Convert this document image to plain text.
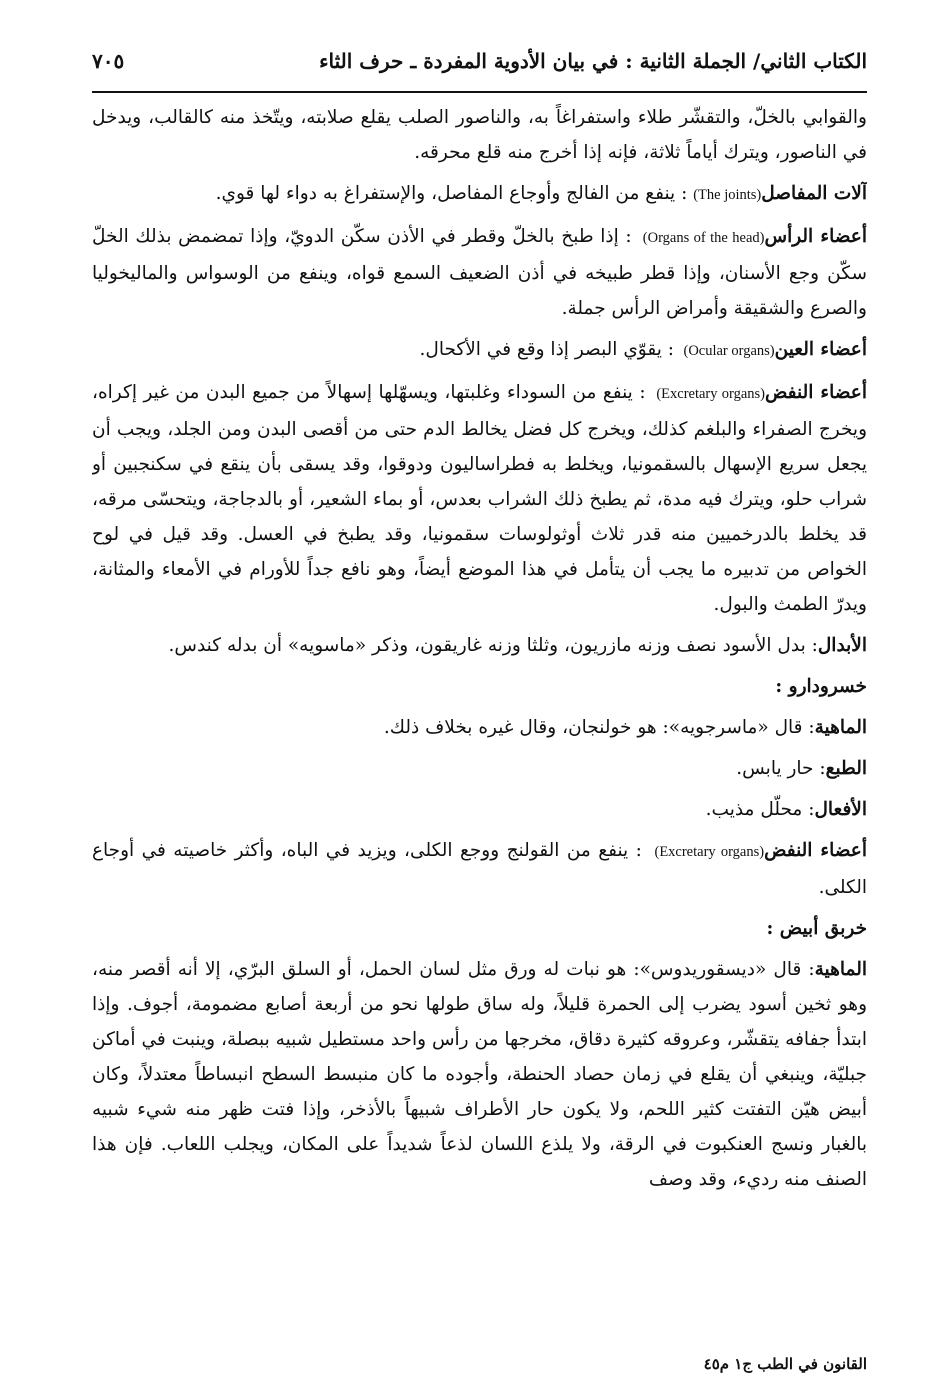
الكتاب الثاني/ الجملة الثانية : في بيان الأدوية المفردة ـ حرف الثاء
٧٠٥

والقوابي بالخلّ، والتقشّر طلاء واستفراغاً به، والناصور الصلب يقلع صلابته، ويتّخذ منه كالقالب، ويدخل في الناصور، ويترك أياماً ثلاثة، فإنه إذا أخرج منه قلع محرقه.

آلات المفاصل(The joints) : ينفع من الفالج وأوجاع المفاصل، والإستفراغ به دواء لها قوي.

أعضاء الرأس (Organs of the head) : إذا طبخ بالخلّ وقطر في الأذن سكّن الدويّ، وإذا تمضمض بذلك الخلّ سكّن وجع الأسنان، وإذا قطر طبيخه في أذن الضعيف السمع قواه، وينفع من الوسواس والماليخوليا والصرع والشقيقة وأمراض الرأس جملة.

أعضاء العين (Ocular organs) : يقوّي البصر إذا وقع في الأكحال.

أعضاء النفض (Excretary organs) : ينفع من السوداء وغلبتها، ويسهّلها إسهالاً من جميع البدن من غير إكراه، ويخرج الصفراء والبلغم كذلك، ويخرج كل فضل يخالط الدم حتى من أقصى البدن ومن الجلد، ويجب أن يجعل سريع الإسهال بالسقمونيا، ويخلط به فطراساليون ودوقوا، وقد يسقى بأن ينقع في سكنجبين أو شراب حلو، ويترك فيه مدة، ثم يطبخ ذلك الشراب بعدس، أو بماء الشعير، أو بالدجاجة، ويتحسّى مرقه، قد يخلط بالدرخميين منه قدر ثلاث أوثولوسات سقمونيا، وقد يطبخ في العسل. وقد قيل في لوح الخواص من تدبيره ما يجب أن يتأمل في هذا الموضع أيضاً، وهو نافع جداً للأورام في الأمعاء والمثانة، ويدرّ الطمث والبول.

الأبدال: بدل الأسود نصف وزنه مازريون، وثلثا وزنه غاريقون، وذكر «ماسويه» أن بدله كندس.

خسرودارو :

الماهية: قال «ماسرجويه»: هو خولنجان، وقال غيره بخلاف ذلك.

الطبع: حار يابس.

الأفعال: محلّل مذيب.

أعضاء النفض (Excretary organs) : ينفع من القولنج ووجع الكلى، ويزيد في الباه، وأكثر خاصيته في أوجاع الكلى.

خربق أبيض :

الماهية: قال «ديسقوريدوس»: هو نبات له ورق مثل لسان الحمل، أو السلق البرّي، إلا أنه أقصر منه، وهو ثخين أسود يضرب إلى الحمرة قليلاً، وله ساق طولها نحو من أربعة أصابع مضمومة، أجوف. وإذا ابتدأ جفافه يتقشّر، وعروقه كثيرة دقاق، مخرجها من رأس واحد مستطيل شبيه ببصلة، وينبت في أماكن جبليّة، وينبغي أن يقلع في زمان حصاد الحنطة، وأجوده ما كان منبسط السطح انبساطاً معتدلاً، وكان أبيض هيّن التفتت كثير اللحم، ولا يكون حار الأطراف شبيهاً بالأذخر، وإذا فتت ظهر منه شيء شبيه بالغبار ونسج العنكبوت في الرقة، ولا يلذع اللسان لذعاً شديداً على المكان، ويجلب اللعاب. فإن هذا الصنف منه رديء، وقد وصف

القانون في الطب ج١ م٤٥
